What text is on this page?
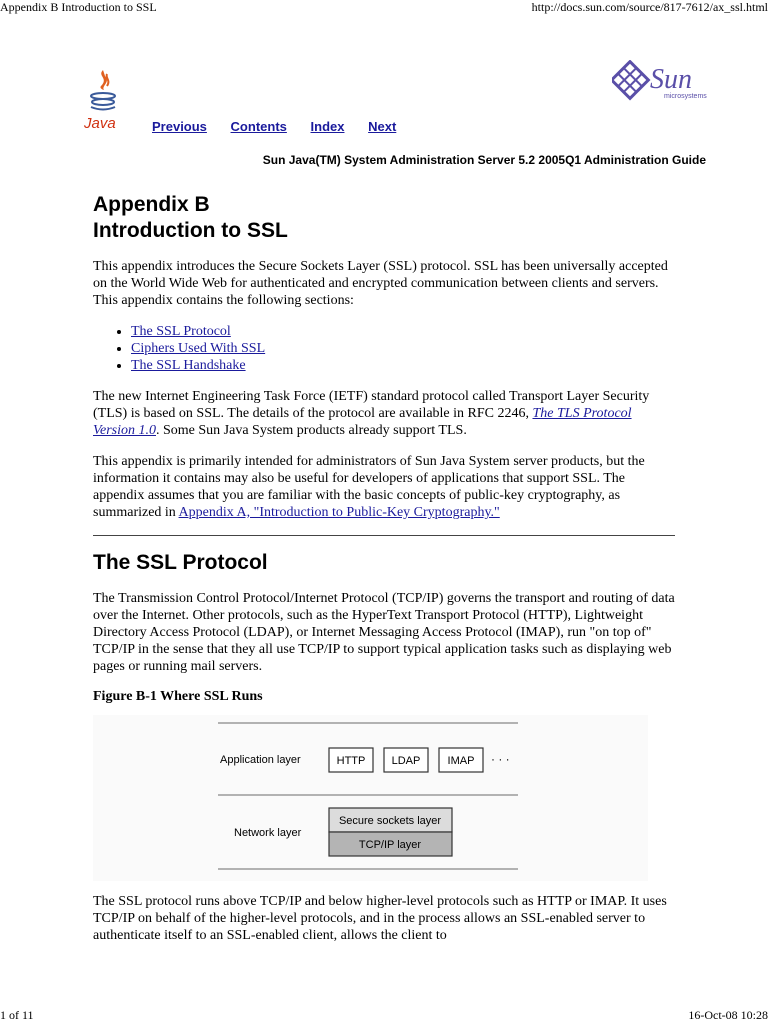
Appendix B Introduction to SSL	http://docs.sun.com/source/817-7612/ax_ssl.html
Java
Sun
microsystems
Previous Contents Index Next
Sun Java(TM) System Administration Server 5.2 2005Q1 Administration Guide
Appendix B
Introduction to SSL

This appendix introduces the Secure Sockets Layer (SSL) protocol. SSL has been universally accepted on the World Wide Web for authenticated and encrypted communication between clients and servers. This appendix contains the following sections:

• The SSL Protocol
• Ciphers Used With SSL
• The SSL Handshake

The new Internet Engineering Task Force (IETF) standard protocol called Transport Layer Security (TLS) is based on SSL. The details of the protocol are available in RFC 2246, The TLS Protocol Version 1.0. Some Sun Java System products already support TLS.

This appendix is primarily intended for administrators of Sun Java System server products, but the information it contains may also be useful for developers of applications that support SSL. The appendix assumes that you are familiar with the basic concepts of public-key cryptography, as summarized in Appendix A, "Introduction to Public-Key Cryptography."

The SSL Protocol

The Transmission Control Protocol/Internet Protocol (TCP/IP) governs the transport and routing of data over the Internet. Other protocols, such as the HyperText Transport Protocol (HTTP), Lightweight Directory Access Protocol (LDAP), or Internet Messaging Access Protocol (IMAP), run "on top of" TCP/IP in the sense that they all use TCP/IP to support typical application tasks such as displaying web pages or running mail servers.

Figure B-1 Where SSL Runs
Application layer
Network layer
HTTP LDAP IMAP · · ·
Secure sockets layer
TCP/IP layer

The SSL protocol runs above TCP/IP and below higher-level protocols such as HTTP or IMAP. It uses TCP/IP on behalf of the higher-level protocols, and in the process allows an SSL-enabled server to authenticate itself to an SSL-enabled client, allows the client to

1 of 11	16-Oct-08 10:28
